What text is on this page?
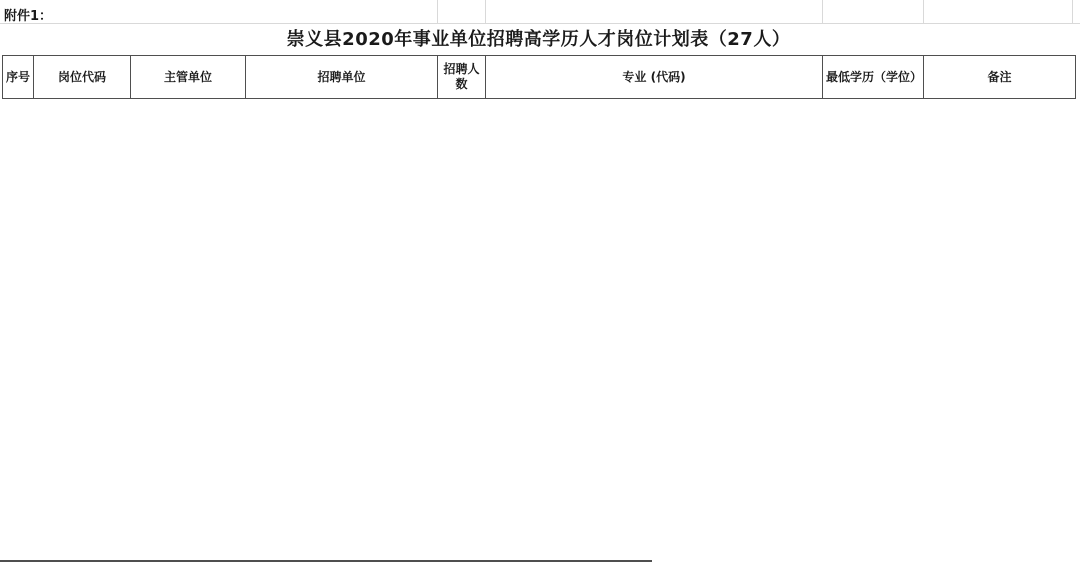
附件1：
崇义县2020年事业单位招聘高学历人才岗位计划表（27人）
序号	岗位代码	主管单位	招聘单位	招聘人数	专业 (代码)	最低学历（学位）	备注
